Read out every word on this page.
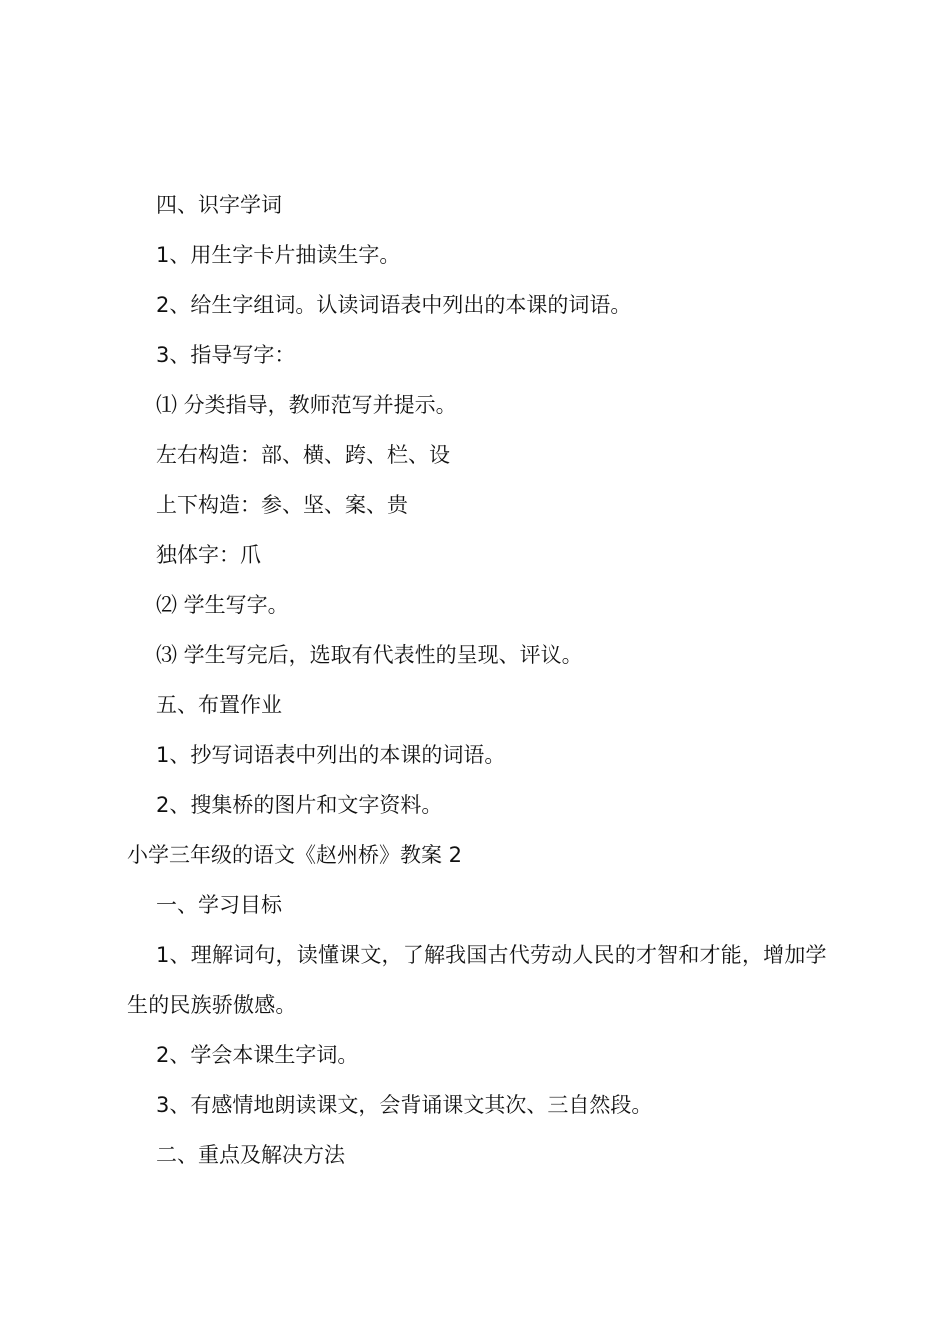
四、识字学词
1、用生字卡片抽读生字。
2、给生字组词。认读词语表中列出的本课的词语。
3、指导写字：
⑴ 分类指导，教师范写并提示。
左右构造：部、横、跨、栏、设
上下构造：参、坚、案、贵
独体字：爪
⑵ 学生写字。
⑶ 学生写完后，选取有代表性的呈现、评议。
五、布置作业
1、抄写词语表中列出的本课的词语。
2、搜集桥的图片和文字资料。
小学三年级的语文《赵州桥》教案 2
一、学习目标
1、理解词句，读懂课文，了解我国古代劳动人民的才智和才能，增加学生的民族骄傲感。
2、学会本课生字词。
3、有感情地朗读课文，会背诵课文其次、三自然段。
二、重点及解决方法
